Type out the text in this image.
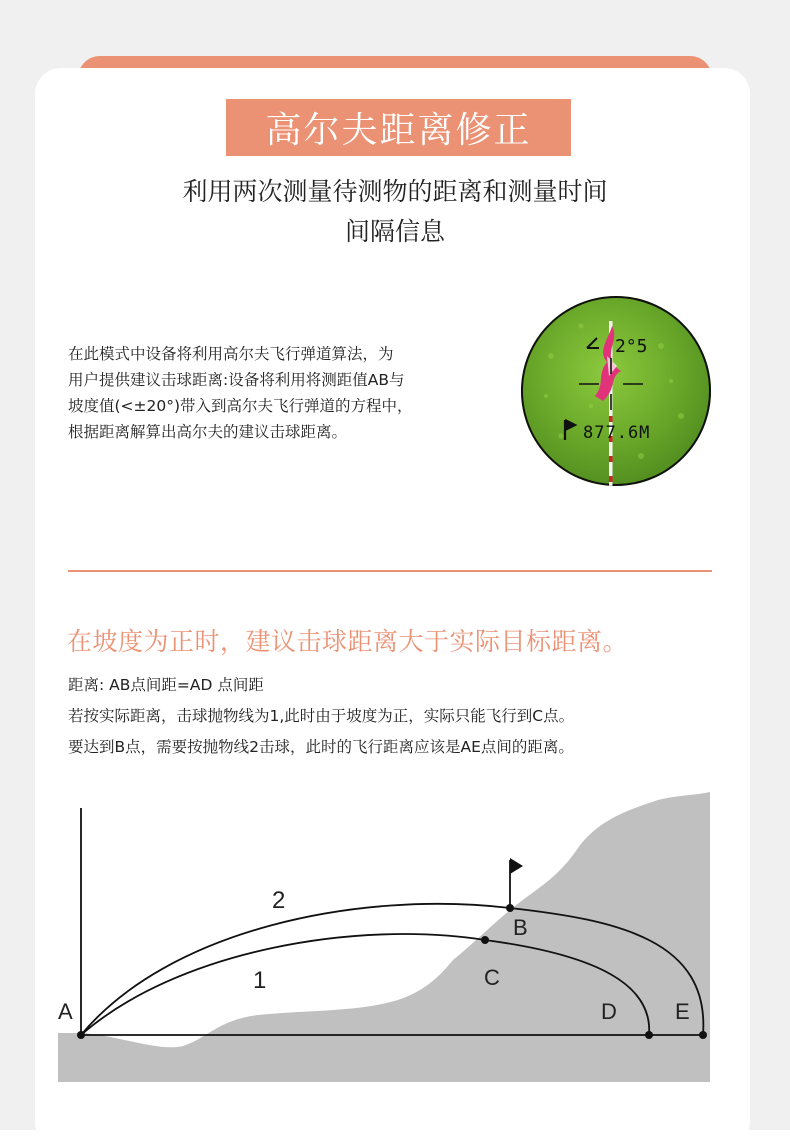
高尔夫距离修正
利用两次测量待测物的距离和测量时间
间隔信息
在此模式中设备将利用高尔夫飞行弹道算法，为
用户提供建议击球距离:设备将利用将测距值AB与
坡度值(<±20°)带入到高尔夫飞行弹道的方程中，
根据距离解算出高尔夫的建议击球距离。
2°5
877.6M
在坡度为正时，建议击球距离大于实际目标距离。
距离: AB点间距=AD 点间距
若按实际距离，击球抛物线为1,此时由于坡度为正，实际只能飞行到C点。
要达到B点，需要按抛物线2击球，此时的飞行距离应该是AE点间的距离。
A
B
C
D	E
2
1
